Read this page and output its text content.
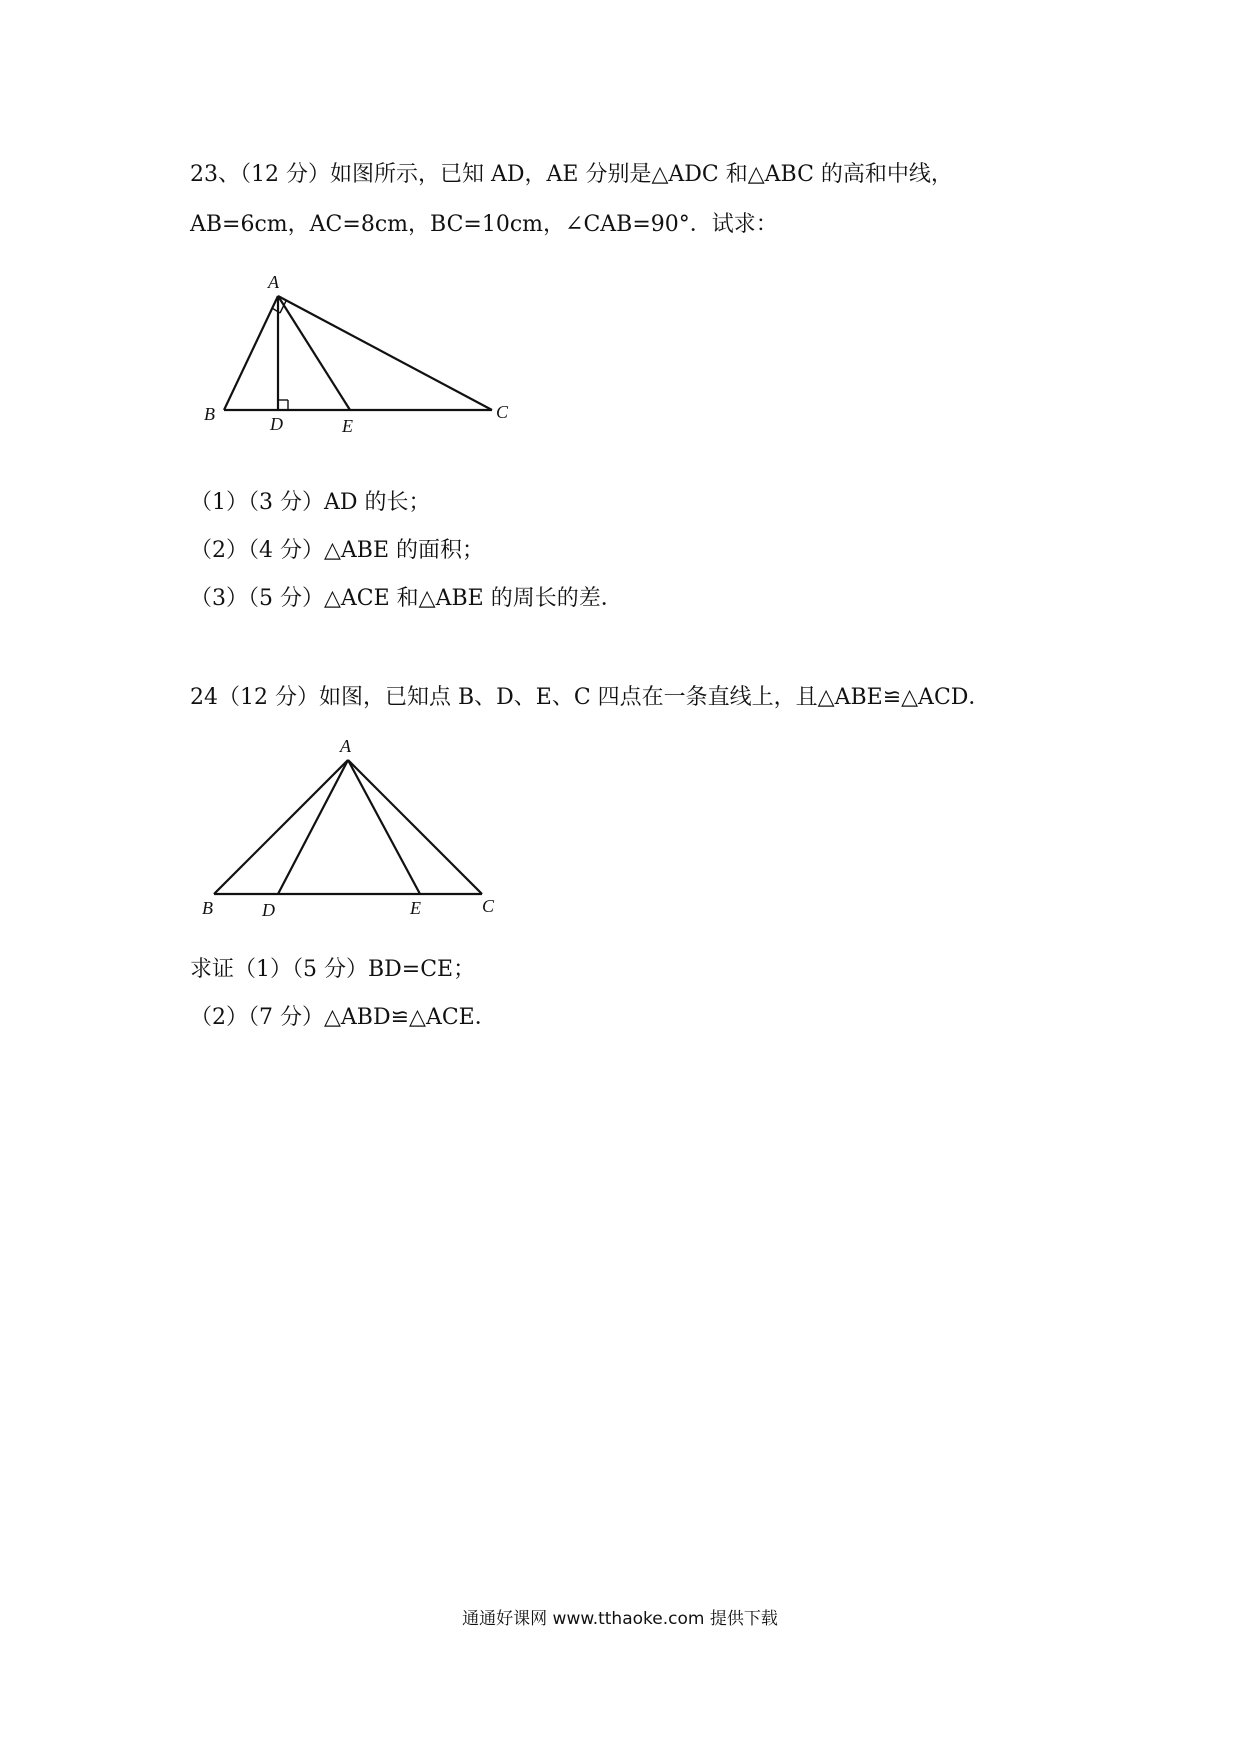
23、（12 分）如图所示，已知 AD，AE 分别是△ADC 和△ABC 的高和中线，
AB=6cm，AC=8cm，BC=10cm，∠CAB=90°．试求：
A
B	D	E
C
（1）（3 分）AD 的长；
（2）（4 分）△ABE 的面积；
（3）（5 分）△ACE 和△ABE 的周长的差．
24（12 分）如图，已知点 B、D、E、C 四点在一条直线上，且△ABE≌△ACD．
A
B	D	E	C
求证（1）（5 分）BD=CE；
（2）（7 分）△ABD≌△ACE．
通通好课网 www.tthaoke.com 提供下载
